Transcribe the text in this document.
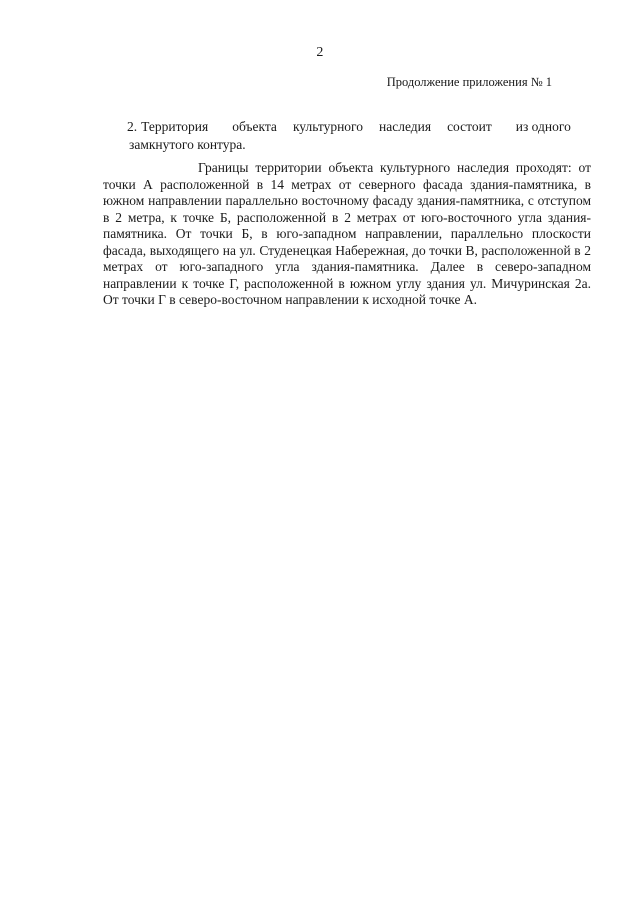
2
Продолжение приложения № 1
2. Территория объекта культурного наследия состоит из одного
замкнутого контура.

Границы территории объекта культурного наследия проходят: от точки А расположенной в 14 метрах от северного фасада здания-памятника, в южном направлении параллельно восточному фасаду здания-памятника, с отступом в 2 метра, к точке Б, расположенной в 2 метрах от юго-восточного угла здания-памятника. От точки Б, в юго-западном направлении, параллельно плоскости фасада, выходящего на ул. Студенецкая Набережная, до точки В, расположенной в 2 метрах от юго-западного угла здания-памятника. Далее в северо-западном направлении к точке Г, расположенной в южном углу здания ул. Мичуринская 2а. От точки Г в северо-восточном направлении к исходной точке А.
